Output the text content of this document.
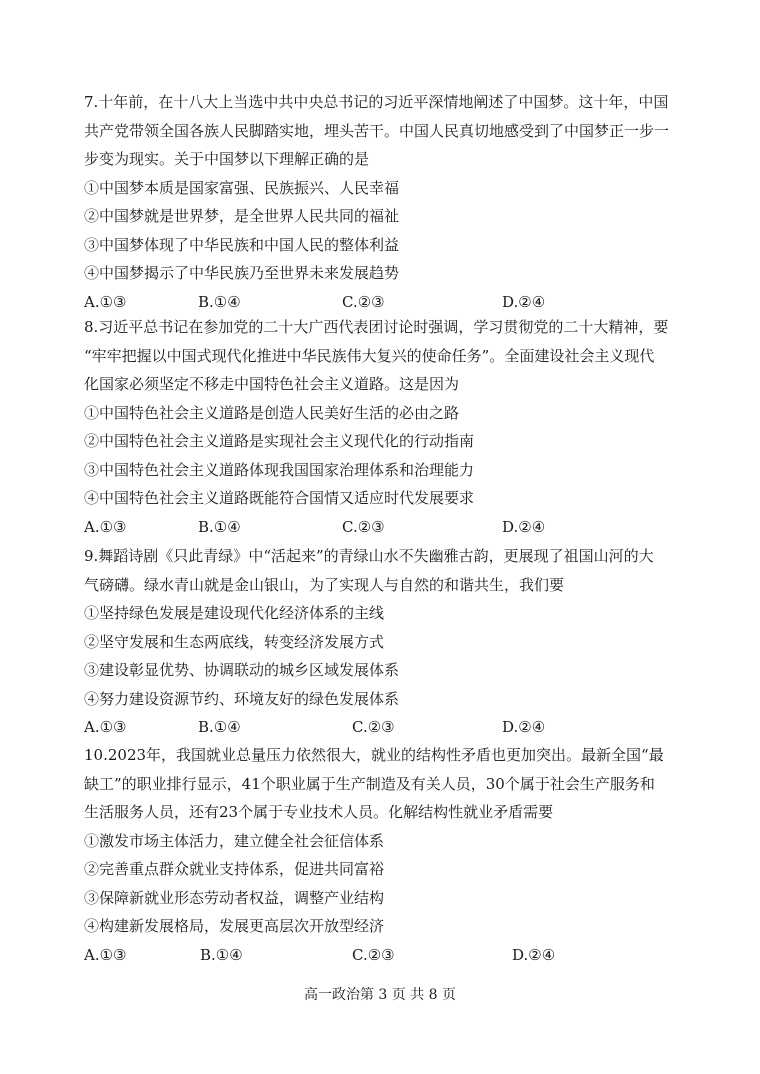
7.十年前，在十八大上当选中共中央总书记的习近平深情地阐述了中国梦。这十年，中国
共产党带领全国各族人民脚踏实地，埋头苦干。中国人民真切地感受到了中国梦正一步一
步变为现实。关于中国梦以下理解正确的是
①中国梦本质是国家富强、民族振兴、人民幸福
②中国梦就是世界梦，是全世界人民共同的福祉
③中国梦体现了中华民族和中国人民的整体利益
④中国梦揭示了中华民族乃至世界未来发展趋势
A.①③	B.①④	C.②③	D.②④
8.习近平总书记在参加党的二十大广西代表团讨论时强调，学习贯彻党的二十大精神，要
“牢牢把握以中国式现代化推进中华民族伟大复兴的使命任务”。全面建设社会主义现代
化国家必须坚定不移走中国特色社会主义道路。这是因为
①中国特色社会主义道路是创造人民美好生活的必由之路
②中国特色社会主义道路是实现社会主义现代化的行动指南
③中国特色社会主义道路体现我国国家治理体系和治理能力
④中国特色社会主义道路既能符合国情又适应时代发展要求
A.①③	B.①④	C.②③	D.②④
9.舞蹈诗剧《只此青绿》中“活起来”的青绿山水不失幽雅古韵，更展现了祖国山河的大
气磅礴。绿水青山就是金山银山，为了实现人与自然的和谐共生，我们要
①坚持绿色发展是建设现代化经济体系的主线
②坚守发展和生态两底线，转变经济发展方式
③建设彰显优势、协调联动的城乡区域发展体系
④努力建设资源节约、环境友好的绿色发展体系
A.①③	B.①④	C.②③	D.②④
10.2023年，我国就业总量压力依然很大，就业的结构性矛盾也更加突出。最新全国“最
缺工”的职业排行显示，41个职业属于生产制造及有关人员，30个属于社会生产服务和
生活服务人员，还有23个属于专业技术人员。化解结构性就业矛盾需要
①激发市场主体活力，建立健全社会征信体系
②完善重点群众就业支持体系，促进共同富裕
③保障新就业形态劳动者权益，调整产业结构
④构建新发展格局，发展更高层次开放型经济
A.①③	B.①④	C.②③	D.②④
高一政治第 3 页 共 8 页
